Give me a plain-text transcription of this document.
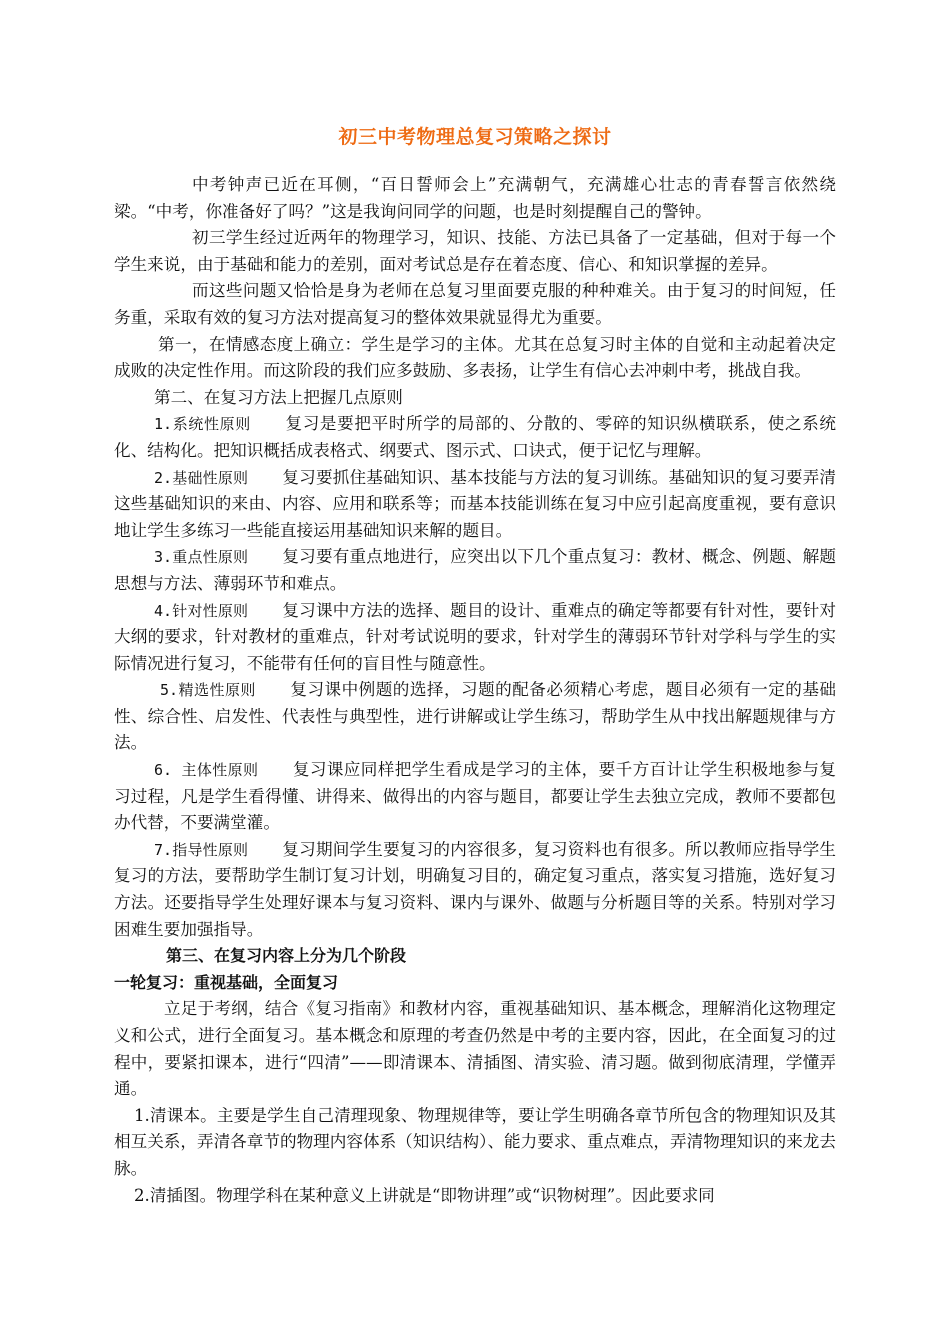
初三中考物理总复习策略之探讨

中考钟声已近在耳侧，“百日誓师会上”充满朝气，充满雄心壮志的青春誓言依然绕梁。“中考，你准备好了吗？”这是我询问同学的问题，也是时刻提醒自己的警钟。

初三学生经过近两年的物理学习，知识、技能、方法已具备了一定基础，但对于每一个学生来说，由于基础和能力的差别，面对考试总是存在着态度、信心、和知识掌握的差异。

而这些问题又恰恰是身为老师在总复习里面要克服的种种难关。由于复习的时间短，任务重，采取有效的复习方法对提高复习的整体效果就显得尤为重要。

第一，在情感态度上确立：学生是学习的主体。尤其在总复习时主体的自觉和主动起着决定成败的决定性作用。而这阶段的我们应多鼓励、多表扬，让学生有信心去冲刺中考，挑战自我。

第二、在复习方法上把握几点原则

1.系统性原则 复习是要把平时所学的局部的、分散的、零碎的知识纵横联系，使之系统化、结构化。把知识概括成表格式、纲要式、图示式、口诀式，便于记忆与理解。

2.基础性原则 复习要抓住基础知识、基本技能与方法的复习训练。基础知识的复习要弄清这些基础知识的来由、内容、应用和联系等；而基本技能训练在复习中应引起高度重视，要有意识地让学生多练习一些能直接运用基础知识来解的题目。

3.重点性原则 复习要有重点地进行，应突出以下几个重点复习：教材、概念、例题、解题思想与方法、薄弱环节和难点。

4.针对性原则 复习课中方法的选择、题目的设计、重难点的确定等都要有针对性，要针对大纲的要求，针对教材的重难点，针对考试说明的要求，针对学生的薄弱环节针对学科与学生的实际情况进行复习，不能带有任何的盲目性与随意性。

5.精选性原则 复习课中例题的选择，习题的配备必须精心考虑，题目必须有一定的基础性、综合性、启发性、代表性与典型性，进行讲解或让学生练习，帮助学生从中找出解题规律与方法。

6. 主体性原则 复习课应同样把学生看成是学习的主体，要千方百计让学生积极地参与复习过程，凡是学生看得懂、讲得来、做得出的内容与题目，都要让学生去独立完成，教师不要都包办代替，不要满堂灌。

7.指导性原则 复习期间学生要复习的内容很多，复习资料也有很多。所以教师应指导学生复习的方法，要帮助学生制订复习计划，明确复习目的，确定复习重点，落实复习措施，选好复习方法。还要指导学生处理好课本与复习资料、课内与课外、做题与分析题目等的关系。特别对学习困难生要加强指导。

第三、在复习内容上分为几个阶段

一轮复习：重视基础，全面复习

立足于考纲，结合《复习指南》和教材内容，重视基础知识、基本概念，理解消化这物理定义和公式，进行全面复习。基本概念和原理的考查仍然是中考的主要内容，因此，在全面复习的过程中，要紧扣课本，进行“四清”——即清课本、清插图、清实验、清习题。做到彻底清理，学懂弄通。

1.清课本。主要是学生自己清理现象、物理规律等，要让学生明确各章节所包含的物理知识及其相互关系，弄清各章节的物理内容体系（知识结构）、能力要求、重点难点，弄清物理知识的来龙去脉。

2.清插图。物理学科在某种意义上讲就是“即物讲理”或“识物树理”。因此要求同
